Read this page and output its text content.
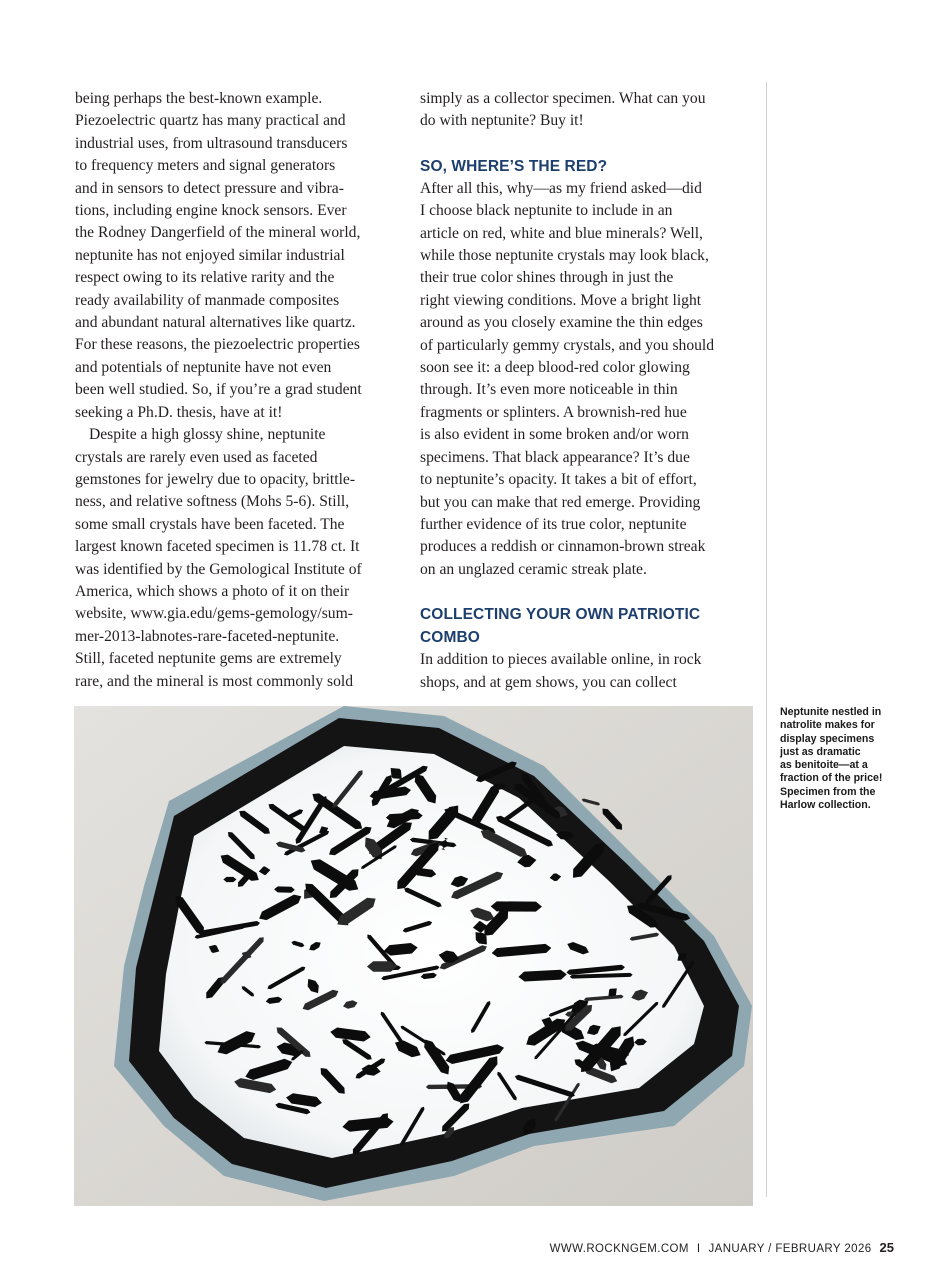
being perhaps the best-known example.
Piezoelectric quartz has many practical and
industrial uses, from ultrasound transducers
to frequency meters and signal generators
and in sensors to detect pressure and vibra-
tions, including engine knock sensors. Ever
the Rodney Dangerfield of the mineral world,
neptunite has not enjoyed similar industrial
respect owing to its relative rarity and the
ready availability of manmade composites
and abundant natural alternatives like quartz.
For these reasons, the piezoelectric properties
and potentials of neptunite have not even
been well studied. So, if you’re a grad student
seeking a Ph.D. thesis, have at it!

Despite a high glossy shine, neptunite
crystals are rarely even used as faceted
gemstones for jewelry due to opacity, brittle-
ness, and relative softness (Mohs 5-6). Still,
some small crystals have been faceted. The
largest known faceted specimen is 11.78 ct. It
was identified by the Gemological Institute of
America, which shows a photo of it on their
website, www.gia.edu/gems-gemology/sum-
mer-2013-labnotes-rare-faceted-neptunite.
Still, faceted neptunite gems are extremely
rare, and the mineral is most commonly sold

simply as a collector specimen. What can you
do with neptunite? Buy it!

SO, WHERE’S THE RED?

After all this, why—as my friend asked—did
I choose black neptunite to include in an
article on red, white and blue minerals? Well,
while those neptunite crystals may look black,
their true color shines through in just the
right viewing conditions. Move a bright light
around as you closely examine the thin edges
of particularly gemmy crystals, and you should
soon see it: a deep blood-red color glowing
through. It’s even more noticeable in thin
fragments or splinters. A brownish-red hue
is also evident in some broken and/or worn
specimens. That black appearance? It’s due
to neptunite’s opacity. It takes a bit of effort,
but you can make that red emerge. Providing
further evidence of its true color, neptunite
produces a reddish or cinnamon-brown streak
on an unglazed ceramic streak plate.

COLLECTING YOUR OWN PATRIOTIC
COMBO

In addition to pieces available online, in rock
shops, and at gem shows, you can collect

Neptunite nestled in
natrolite makes for
display specimens
just as dramatic
as benitoite—at a
fraction of the price!
Specimen from the
Harlow collection.
WWW.ROCKNGEM.COM I JANUARY / FEBRUARY 2026 25
